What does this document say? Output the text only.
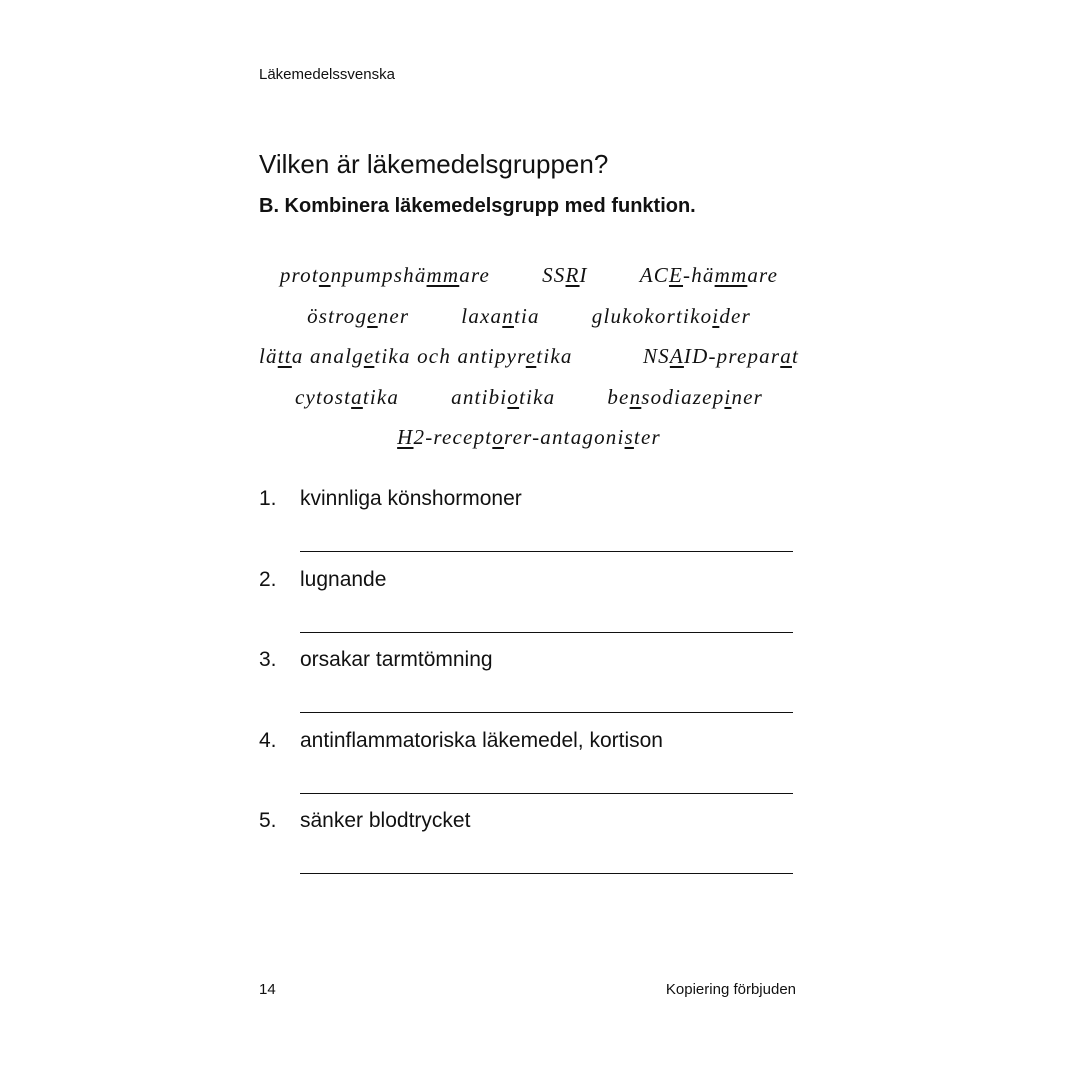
Läkemedelssvenska
Vilken är läkemedelsgruppen?
B. Kombinera läkemedelsgrupp med funktion.
protonpumpshämmare SSRI ACE-hämmare
östrogener laxantia glukokortikoider
lätta analgetika och antipyretika	NSAID-preparat
cytostatika antibiotika bensodiazepiner
H2-receptorer-antagonister
1. kvinnliga könshormoner
2. lugnande
3. orsakar tarmtömning
4. antinflammatoriska läkemedel, kortison
5. sänker blodtrycket
14	Kopiering förbjuden
